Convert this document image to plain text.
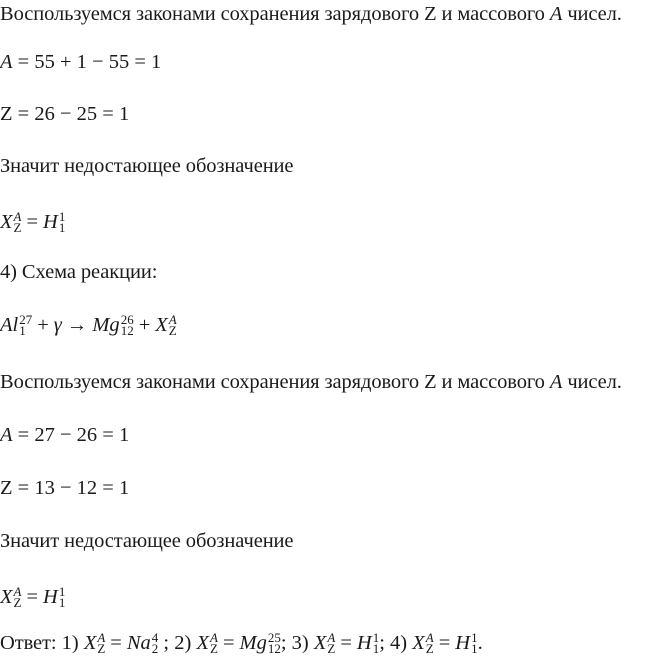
Воспользуемся законами сохранения зарядового Z и массового A чисел.
A = 55 + 1 − 55 = 1
Z = 26 − 25 = 1
Значит недостающее обозначение
X A
Z = H 1
1
4) Схема реакции:
Al 27
1 + γ → Mg 26
12 + X A
Z
Воспользуемся законами сохранения зарядового Z и массового A чисел.
A = 27 − 26 = 1
Z = 13 − 12 = 1
Значит недостающее обозначение
X A
Z = H 1
1
Ответ: 1) X A
Z = Na 4
2 ; 2) X A
Z = Mg 25
12 ; 3) X A
Z = H 1
1 ; 4) X A
Z = H 1
1 .
